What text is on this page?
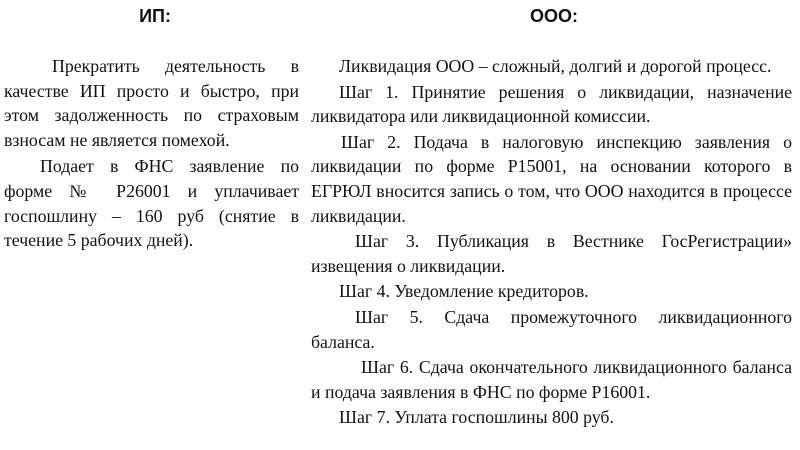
ИП:	ООО:

Прекратить деятельность в качестве ИП просто и быстро, при этом задолженность по страховым взносам не является помехой.

Подает в ФНС заявление по форме № Р26001 и уплачивает госпошлину – 160 руб (снятие в течение 5 рабочих дней).

Ликвидация ООО – сложный, долгий и дорогой процесс.

Шаг 1. Принятие решения о ликвидации, назначение ликвидатора или ликвидационной комиссии.

Шаг 2. Подача в налоговую инспекцию заявления о ликвидации по форме Р15001, на основании которого в ЕГРЮЛ вносится запись о том, что ООО находится в процессе ликвидации.

Шаг 3. Публикация в Вестнике ГосРегистрации» извещения о ликвидации.

Шаг 4. Уведомление кредиторов.

Шаг 5. Сдача промежуточного ликвидационного баланса.

Шаг 6. Сдача окончательного ликвидационного баланса и подача заявления в ФНС по форме Р16001.

Шаг 7. Уплата госпошлины 800 руб.
